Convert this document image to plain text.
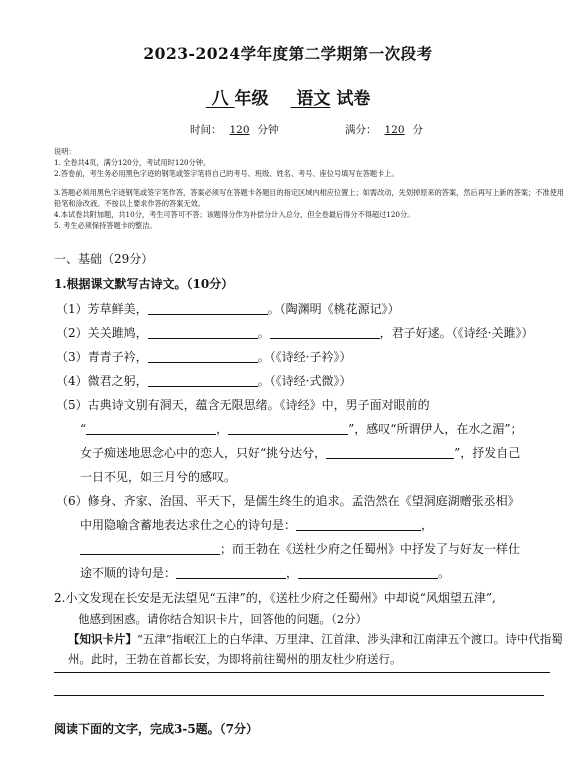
2023-2024学年度第二学期第一次段考
八 年级 语文 试卷
时间： 120 分钟	满分： 120 分
说明：
1. 全卷共4页，满分120分，考试用时120分钟。
2.答卷前，考生务必用黑色字迹的钢笔或签字笔将自己的考号、班级、姓名、考号、座位号填写在答题卡上。
3.答题必须用黑色字迹钢笔或签字笔作答，答案必须写在答题卡各题目的指定区域内相应位置上；如需改动，先划掉原来的答案，然后再写上新的答案；不准使用铅笔和涂改液。不按以上要求作答的答案无效。
4.本试卷共附加题，共10分，考生可答可不答；该题得分作为补偿分计入总分，但全卷最后得分不得超过120分。
5. 考生必须保持答题卡的整洁。
一、基础（29分）
1.根据课文默写古诗文。（10分）
（1）芳草鲜美，	。（陶渊明《桃花源记》）
（2）关关雎鸠，	。	，君子好逑。（《诗经·关雎》）
（3）青青子衿，	。（《诗经·子衿》）
（4）微君之躬，	。（《诗经·式微》）
（5）古典诗文别有洞天，蕴含无限思绪。《诗经》中，男子面对眼前的
“	，	”，感叹“所谓伊人，在水之湄”；
女子痴迷地思念心中的恋人，只好“挑兮达兮，	”，抒发自己
一日不见，如三月兮的感叹。
（6）修身、齐家、治国、平天下，是儒生终生的追求。孟浩然在《望洞庭湖赠张丞相》
中用隐喻含蓄地表达求仕之心的诗句是：	，
；而王勃在《送杜少府之任蜀州》中抒发了与好友一样仕
途不顺的诗句是：	，	。
2.小文发现在长安是无法望见“五津”的，《送杜少府之任蜀州》中却说“风烟望五津”,
他感到困惑。请你结合知识卡片，回答他的问题。（2分）
【知识卡片】“五津”指岷江上的白华津、万里津、江首津、涉头津和江南津五个渡口。诗中代指蜀州。此时，王勃在首都长安，为即将前往蜀州的朋友杜少府送行。
阅读下面的文字，完成3-5题。（7分）
